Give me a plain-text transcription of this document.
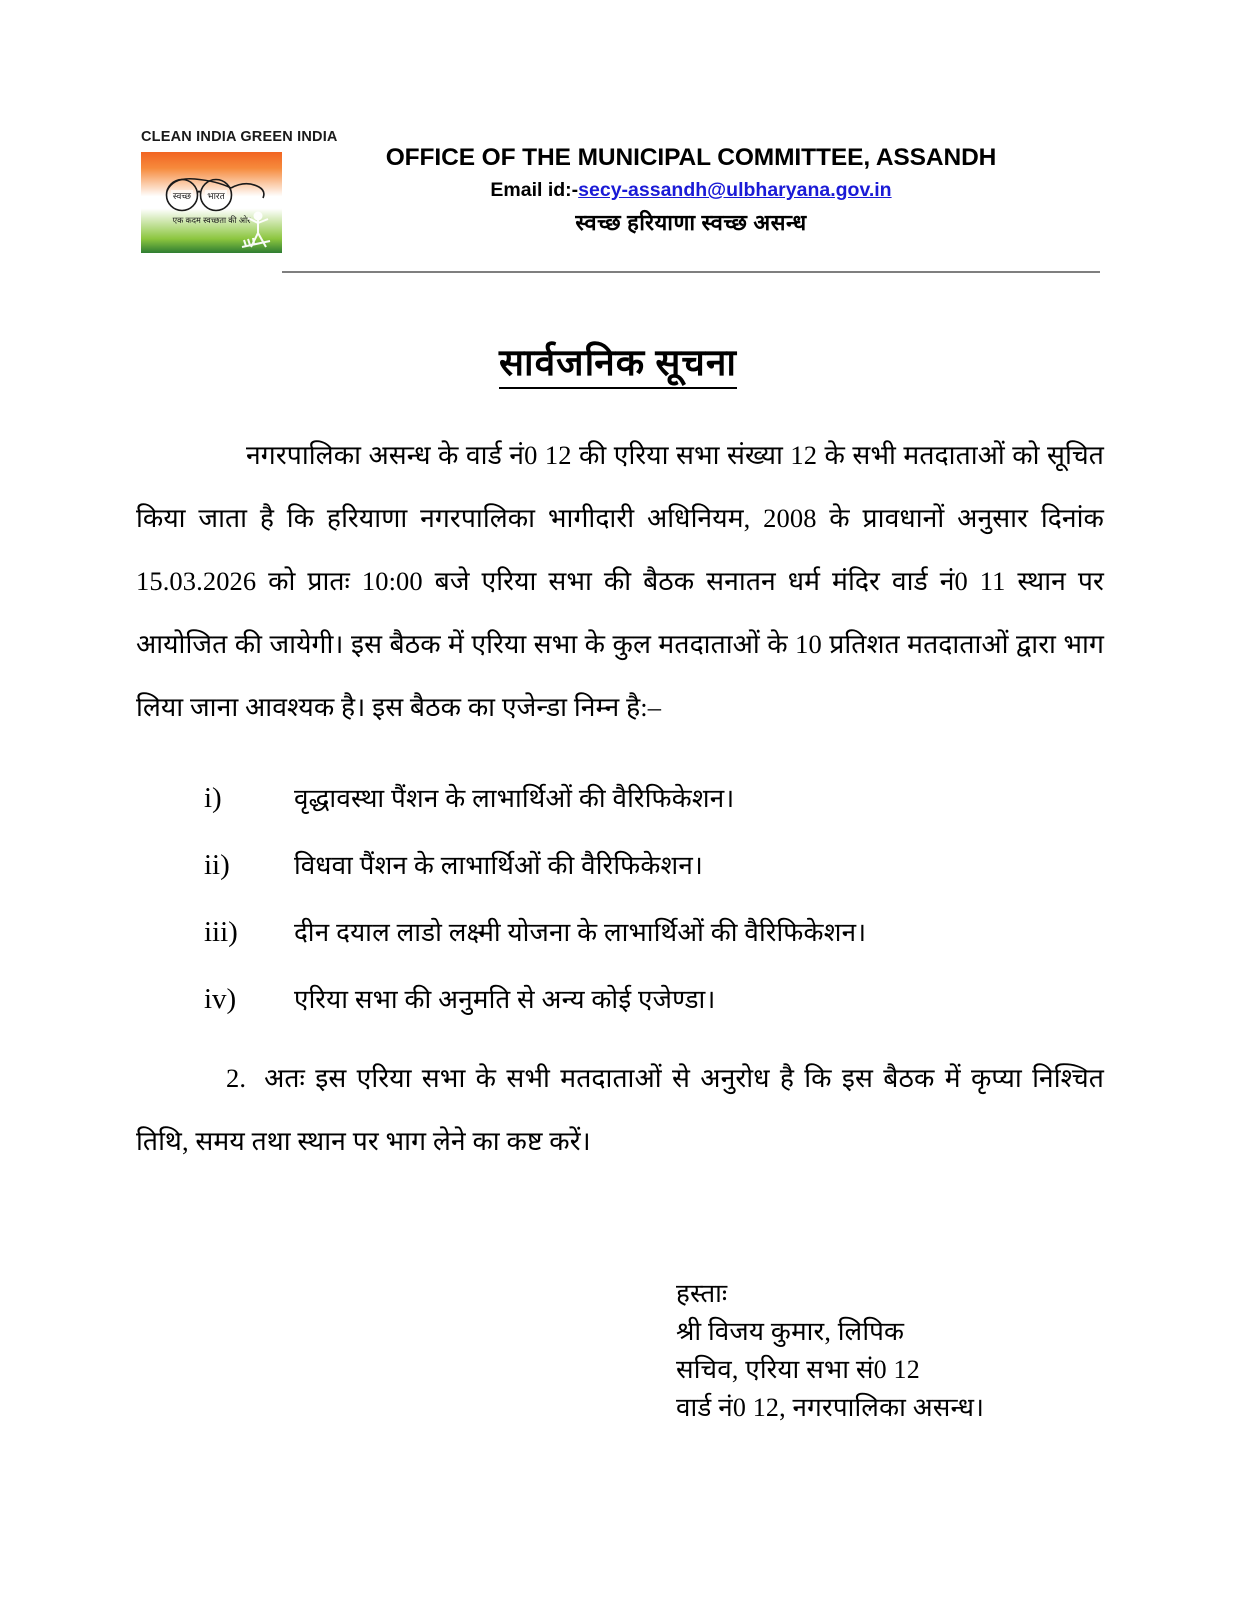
CLEAN INDIA GREEN INDIA
स्वच्छ भारत
एक कदम स्वच्छता की ओर
OFFICE OF THE MUNICIPAL COMMITTEE, ASSANDH
Email id:-secy-assandh@ulbharyana.gov.in
स्वच्छ हरियाणा स्वच्छ असन्ध
सार्वजनिक सूचना

नगरपालिका असन्ध के वार्ड नं0 12 की एरिया सभा संख्या 12 के सभी मतदाताओं को सूचित किया जाता है कि हरियाणा नगरपालिका भागीदारी अधिनियम, 2008 के प्रावधानों अनुसार दिनांक 15.03.2026 को प्रातः 10:00 बजे एरिया सभा की बैठक सनातन धर्म मंदिर वार्ड नं0 11 स्थान पर आयोजित की जायेगी। इस बैठक में एरिया सभा के कुल मतदाताओं के 10 प्रतिशत मतदाताओं द्वारा भाग लिया जाना आवश्यक है। इस बैठक का एजेन्डा निम्न है:–

i)	वृद्धावस्था पैंशन के लाभार्थिओं की वैरिफिकेशन।
ii)	विधवा पैंशन के लाभार्थिओं की वैरिफिकेशन।
iii)	दीन दयाल लाडो लक्ष्मी योजना के लाभार्थिओं की वैरिफिकेशन।
iv)	एरिया सभा की अनुमति से अन्य कोई एजेण्डा।

2. अतः इस एरिया सभा के सभी मतदाताओं से अनुरोध है कि इस बैठक में कृप्या निश्चित तिथि, समय तथा स्थान पर भाग लेने का कष्ट करें।

हस्ताः
श्री विजय कुमार, लिपिक
सचिव, एरिया सभा सं0 12
वार्ड नं0 12, नगरपालिका असन्ध।
